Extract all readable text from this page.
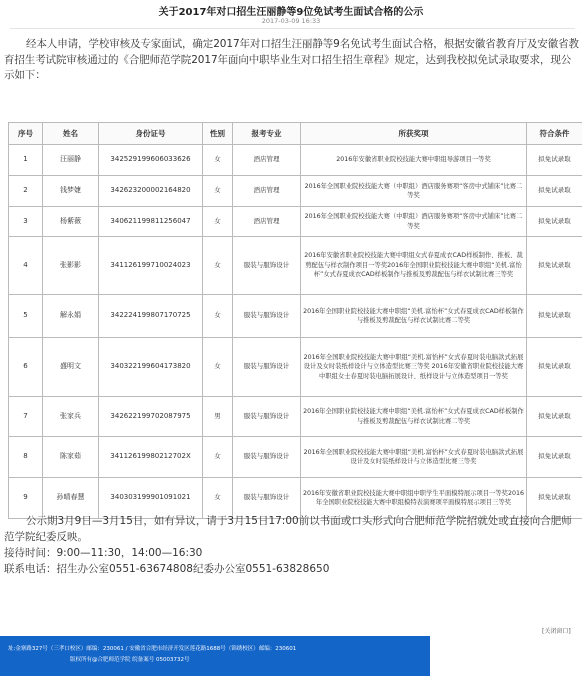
关于2017年对口招生汪丽静等9位免试考生面试合格的公示
2017-03-09 16:33

经本人申请，学校审核及专家面试，确定2017年对口招生汪丽静等9名免试考生面试合格，根据安徽省教育厅及安徽省教育招生考试院审核通过的《合肥师范学院2017年面向中职毕业生对口招生招生章程》规定，达到我校拟免试录取要求，现公示如下：

序号	姓名	身份证号	性别	报考专业	所获奖项	符合条件
1	汪丽静	342529199606033626	女	酒店管理	2016年安徽省职业院校技能大赛中职组导游项目一等奖	拟免试录取
2	钱梦婕	342623200002164820	女	酒店管理	2016年全国职业院校技能大赛（中职组）酒店服务赛项“客房中式铺床”比赛二等奖	拟免试录取
3	杨紫薇	340621199811256047	女	酒店管理	2016年全国职业院校技能大赛（中职组）酒店服务赛项“客房中式铺床”比赛二等奖	拟免试录取
4	张影影	341126199710024023	女	服装与服饰设计	2016年安徽省职业院校技能大赛中职组女式春夏成衣CAD样板制作、推板、裁剪配伍与样衣制作项目一等奖2016年全国职业院校技能大赛中职组“美机.富怡杯”女式春夏成衣CAD样板制作与推板及剪裁配伍与样衣试制比赛三等奖	拟免试录取
5	解永娟	342224199807170725	女	服装与服饰设计	2016年全国职业院校技能大赛中职组“美机.富怡杯”女式春夏成衣CAD样板制作与推板及剪裁配伍与样衣试制比赛二等奖	拟免试录取
6	盛明文	340322199604173820	女	服装与服饰设计	2016年全国职业院校技能大赛中职组“美机.富怡杯”女式春夏时装电脑款式拓展设计及女时装纸样设计与立体造型比赛三等奖 2016年安徽省职业院校技能大赛中职组女士春夏时装电脑拓展设计、纸样设计与立体造型项目一等奖	拟免试录取
7	张家兵	342622199702087975	男	服装与服饰设计	2016年全国职业院校技能大赛中职组“美机.富怡杯”女式春夏成衣CAD样板制作与推板及剪裁配伍与样衣试制比赛二等奖	拟免试录取
8	陈家茹	34112619980212702X	女	服装与服饰设计	2016年全国职业院校技能大赛中职组“美机.富怡杯”女式春夏时装电脑款式拓展设计及女时装纸样设计与立体造型比赛三等奖	拟免试录取
9	孙晴春慧	340303199901091021	女	服装与服饰设计	2016年安徽省职业院校技能大赛中职组中职学生平面模特展示项目一等奖2016年全国职业院校技能大赛中职组模特表演赛项平面模特展示项目三等奖	拟免试录取

公示期3月9日—3月15日，如有异议，请于3月15日17:00前以书面或口头形式向合肥师范学院招就处或直接向合肥师范学院纪委反映。

接待时间：9:00—11:30，14:00—16:30

联系电话：招生办公室0551-63674808纪委办公室0551-63828650

[关闭窗口]
址:金寨路327号（三孝口校区）邮编：230061 / 安徽省合肥市经济开发区莲花路1688号（锦绣校区）邮编：230601
版权所有@合肥师范学院 皖备案号 05003732号
